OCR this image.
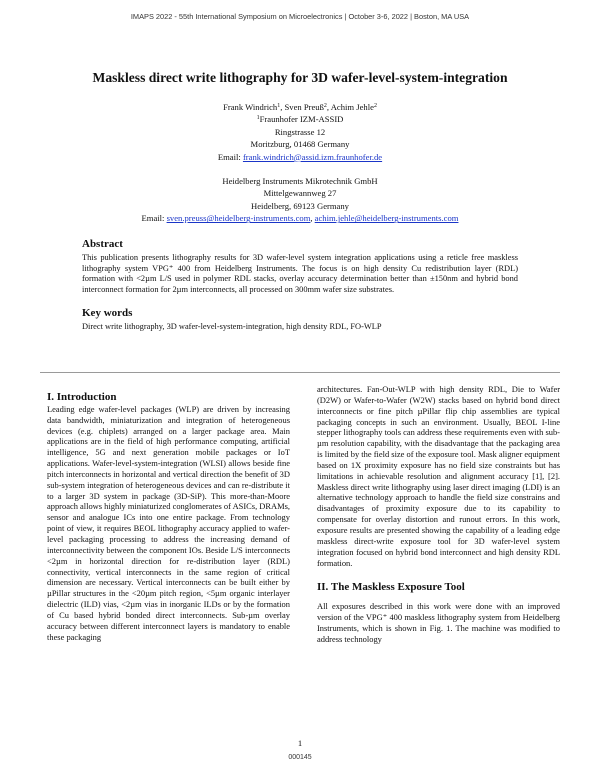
IMAPS 2022 - 55th International Symposium on Microelectronics | October 3-6, 2022 | Boston, MA USA
Maskless direct write lithography for 3D wafer-level-system-integration
Frank Windrich$^1$, Sven Preuß$^2$, Achim Jehle$^2$
$^1$Fraunhofer IZM-ASSID
Ringstrasse 12
Moritzburg, 01468 Germany
Email: frank.windrich@assid.izm.fraunhofer.de
Heidelberg Instruments Mikrotechnik GmbH
Mittelgewannweg 27
Heidelberg, 69123 Germany
Email: sven.preuss@heidelberg-instruments.com, achim.jehle@heidelberg-instruments.com
Abstract

This publication presents lithography results for 3D wafer-level system integration applications using a reticle free maskless lithography system VPG⁺ 400 from Heidelberg Instruments. The focus is on high density Cu redistribution layer (RDL) formation with <2µm L/S used in polymer RDL stacks, overlay accuracy determination better than ±150nm and hybrid bond interconnect formation for 2µm interconnects, all processed on 300mm wafer size substrates.

Key words

Direct write lithography, 3D wafer-level-system-integration, high density RDL, FO-WLP

I. Introduction

Leading edge wafer-level packages (WLP) are driven by increasing data bandwidth, miniaturization and integration of heterogeneous devices (e.g. chiplets) arranged on a larger package area. Main applications are in the field of high performance computing, artificial intelligence, 5G and next generation mobile packages or IoT applications. Wafer-level-system-integration (WLSI) allows beside fine pitch interconnects in horizontal and vertical direction the benefit of 3D sub-system integration of heterogeneous devices and can re-distribute it to a larger 3D system in package (3D-SiP). This more-than-Moore approach allows highly miniaturized conglomerates of ASICs, DRAMs, sensor and analogue ICs into one entire package. From technology point of view, it requires BEOL lithography accuracy applied to wafer-level packaging processing to address the increasing demand of interconnectivity between the component IOs. Beside L/S interconnects <2µm in horizontal direction for re-distribution layer (RDL) connectivity, vertical interconnects in the same region of critical dimension are necessary. Vertical interconnects can be built either by µPillar structures in the <20µm pitch region, <5µm organic interlayer dielectric (ILD) vias, <2µm vias in inorganic ILDs or by the formation of Cu based hybrid bonded direct interconnects. Sub-µm overlay accuracy between different interconnect layers is mandatory to enable these packaging

architectures. Fan-Out-WLP with high density RDL, Die to Wafer (D2W) or Wafer-to-Wafer (W2W) stacks based on hybrid bond direct interconnects or fine pitch µPillar flip chip assemblies are typical packaging concepts in such an environment. Usually, BEOL I-line stepper lithography tools can address these requirements even with sub-µm resolution capability, with the disadvantage that the packaging area is limited by the field size of the exposure tool. Mask aligner equipment based on 1X proximity exposure has no field size constraints but has limitations in achievable resolution and alignment accuracy [1], [2]. Maskless direct write lithography using laser direct imaging (LDI) is an alternative technology approach to handle the field size constrains and disadvantages of proximity exposure due to its capability to compensate for overlay distortion and runout errors. In this work, exposure results are presented showing the capability of a leading edge maskless direct-write exposure tool for 3D wafer-level system integration focused on hybrid bond interconnect and high density RDL formation.

II. The Maskless Exposure Tool

All exposures described in this work were done with an improved version of the VPG⁺ 400 maskless lithography system from Heidelberg Instruments, which is shown in Fig. 1. The machine was modified to address technology

1
000145
